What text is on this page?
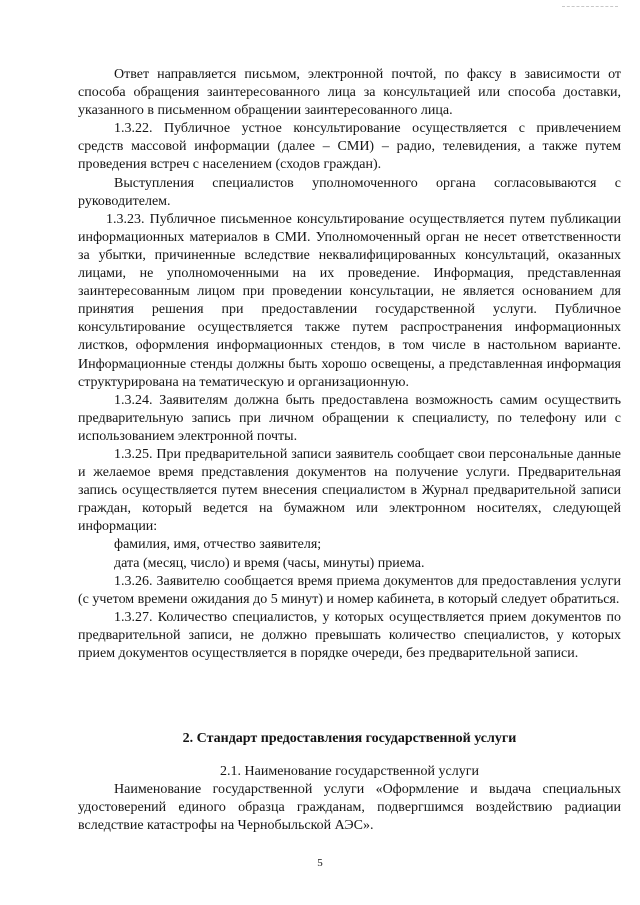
Ответ направляется письмом, электронной почтой, по факсу в зависимости от способа обращения заинтересованного лица за консультацией или способа доставки, указанного в письменном обращении заинтересованного лица.

1.3.22. Публичное устное консультирование осуществляется с привлечением средств массовой информации (далее – СМИ) – радио, телевидения, а также путем проведения встреч с населением (сходов граждан).

Выступления специалистов уполномоченного органа согласовываются с руководителем.

1.3.23. Публичное письменное консультирование осуществляется путем публикации информационных материалов в СМИ. Уполномоченный орган не несет ответственности за убытки, причиненные вследствие неквалифицированных консультаций, оказанных лицами, не уполномоченными на их проведение. Информация, представленная заинтересованным лицом при проведении консультации, не является основанием для принятия решения при предоставлении государственной услуги. Публичное консультирование осуществляется также путем распространения информационных листков, оформления информационных стендов, в том числе в настольном варианте. Информационные стенды должны быть хорошо освещены, а представленная информация структурирована на тематическую и организационную.

1.3.24. Заявителям должна быть предоставлена возможность самим осуществить предварительную запись при личном обращении к специалисту, по телефону или с использованием электронной почты.

1.3.25. При предварительной записи заявитель сообщает свои персональные данные и желаемое время представления документов на получение услуги. Предварительная запись осуществляется путем внесения специалистом в Журнал предварительной записи граждан, который ведется на бумажном или электронном носителях, следующей информации:

фамилия, имя, отчество заявителя;

дата (месяц, число) и время (часы, минуты) приема.

1.3.26. Заявителю сообщается время приема документов для предоставления услуги (с учетом времени ожидания до 5 минут) и номер кабинета, в который следует обратиться.

1.3.27. Количество специалистов, у которых осуществляется прием документов по предварительной записи, не должно превышать количество специалистов, у которых прием документов осуществляется в порядке очереди, без предварительной записи.

2. Стандарт предоставления государственной услуги

2.1. Наименование государственной услуги

Наименование государственной услуги «Оформление и выдача специальных удостоверений единого образца гражданам, подвергшимся воздействию радиации вследствие катастрофы на Чернобыльской АЭС».

5
